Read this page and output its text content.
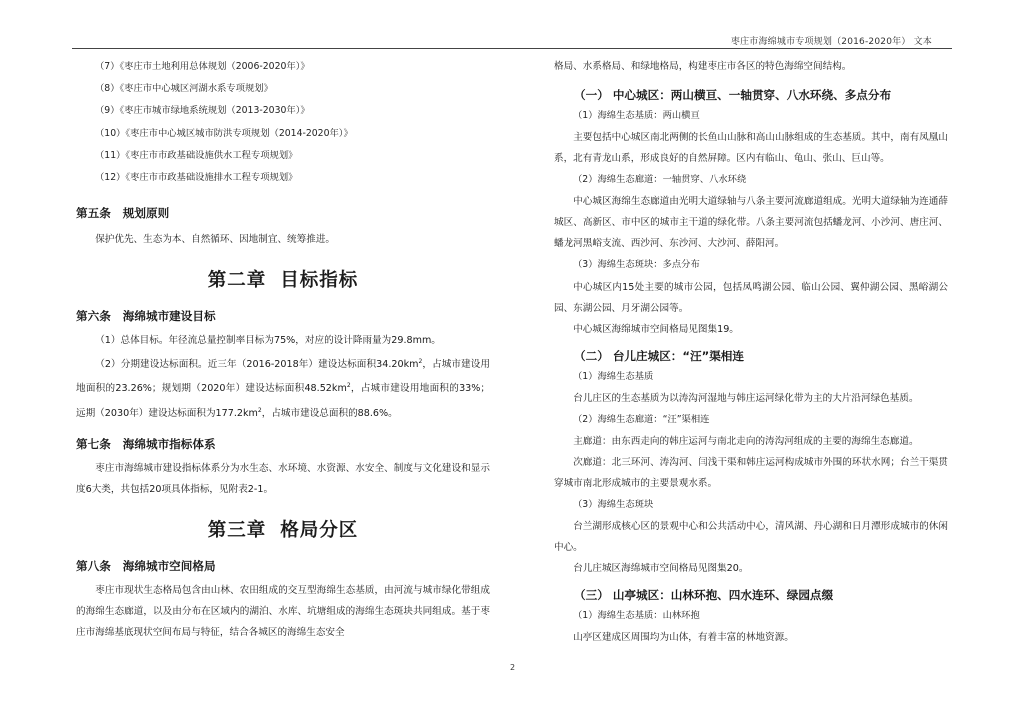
枣庄市海绵城市专项规划（2016-2020年） 文本

（7）《枣庄市土地利用总体规划（2006-2020年）》

（8）《枣庄市中心城区河湖水系专项规划》

（9）《枣庄市城市绿地系统规划（2013-2030年）》

（10）《枣庄市中心城区城市防洪专项规划（2014-2020年）》

（11）《枣庄市市政基础设施供水工程专项规划》

（12）《枣庄市市政基础设施排水工程专项规划》

第五条 规划原则

保护优先、生态为本、自然循环、因地制宜、统筹推进。

第二章 目标指标

第六条 海绵城市建设目标

（1）总体目标。年径流总量控制率目标为75%，对应的设计降雨量为29.8mm。

（2）分期建设达标面积。近三年（2016-2018年）建设达标面积$34.20km^2$，占城市建设用地面积的23.26%；规划期（2020年）建设达标面积$48.52km^2$，占城市建设用地面积的33%；远期（2030年）建设达标面积为$177.2km^2$，占城市建设总面积的88.6%。

第七条 海绵城市指标体系

枣庄市海绵城市建设指标体系分为水生态、水环境、水资源、水安全、制度与文化建设和显示度6大类，共包括20项具体指标，见附表2-1。

第三章 格局分区

第八条 海绵城市空间格局

枣庄市现状生态格局包含由山林、农田组成的交互型海绵生态基质，由河流与城市绿化带组成的海绵生态廊道，以及由分布在区域内的湖泊、水库、坑塘组成的海绵生态斑块共同组成。基于枣庄市海绵基底现状空间布局与特征，结合各城区的海绵生态安全

格局、水系格局、和绿地格局，构建枣庄市各区的特色海绵空间结构。

（一） 中心城区：两山横亘、一轴贯穿、八水环绕、多点分布

（1）海绵生态基质：两山横亘

主要包括中心城区南北两侧的长鱼山山脉和高山山脉组成的生态基质。其中，南有凤凰山系，北有青龙山系，形成良好的自然屏障。区内有临山、龟山、张山、巨山等。

（2）海绵生态廊道：一轴贯穿、八水环绕

中心城区海绵生态廊道由光明大道绿轴与八条主要河流廊道组成。光明大道绿轴为连通薛城区、高新区、市中区的城市主干道的绿化带。八条主要河流包括蟠龙河、小沙河、唐庄河、蟠龙河黑峪支流、西沙河、东沙河、大沙河、薛阳河。

（3）海绵生态斑块：多点分布

中心城区内15处主要的城市公园，包括凤鸣湖公园、临山公园、翼仲湖公园、黑峪湖公园、东湖公园、月牙湖公园等。

中心城区海绵城市空间格局见图集19。

（二） 台儿庄城区：“汪”渠相连

（1）海绵生态基质

台儿庄区的生态基质为以涛沟河湿地与韩庄运河绿化带为主的大片沿河绿色基质。

（2）海绵生态廊道：“汪”渠相连

主廊道：由东西走向的韩庄运河与南北走向的涛沟河组成的主要的海绵生态廊道。

次廊道：北三环河、涛沟河、闫浅干渠和韩庄运河构成城市外围的环状水网；台兰干渠贯穿城市南北形成城市的主要景观水系。

（3）海绵生态斑块

台兰湖形成核心区的景观中心和公共活动中心，清风湖、丹心湖和日月潭形成城市的休闲中心。

台儿庄城区海绵城市空间格局见图集20。

（三） 山亭城区：山林环抱、四水连环、绿园点缀

（1）海绵生态基质：山林环抱

山亭区建成区周围均为山体，有着丰富的林地资源。

2
